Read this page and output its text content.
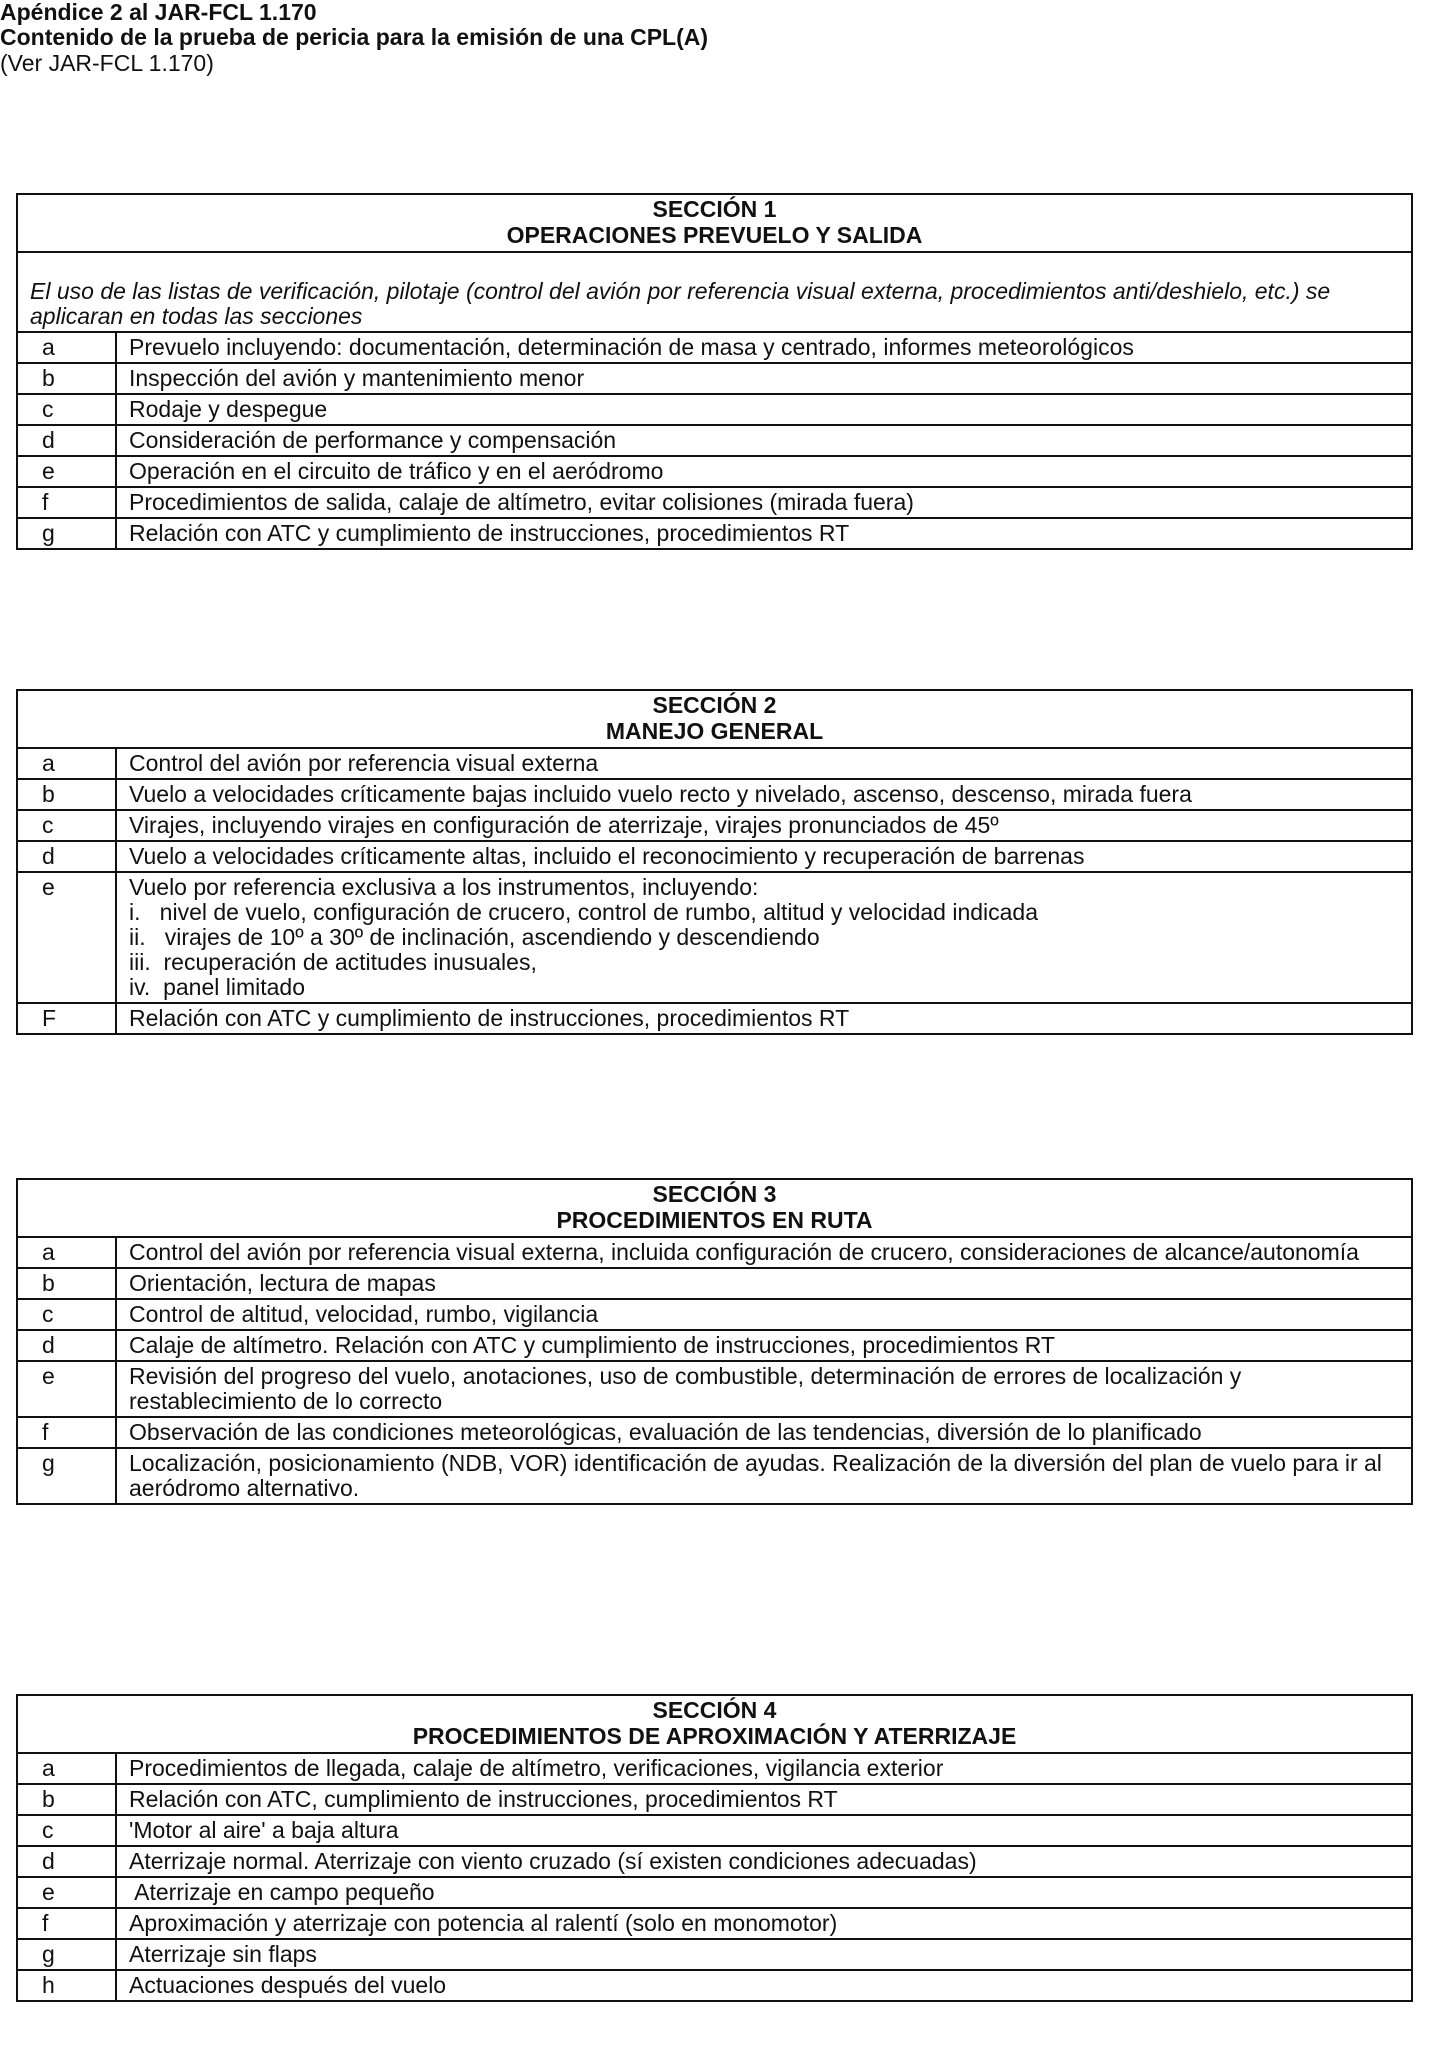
Apéndice 2 al JAR-FCL 1.170

Contenido de la prueba de pericia para la emisión de una CPL(A)

(Ver JAR-FCL 1.170)

SECCIÓN 1
OPERACIONES PREVUELO Y SALIDA
El uso de las listas de verificación, pilotaje (control del avión por referencia visual externa, procedimientos anti/deshielo, etc.) se aplicaran en todas las secciones
a	Prevuelo incluyendo: documentación, determinación de masa y centrado, informes meteorológicos
b	Inspección del avión y mantenimiento menor
c	Rodaje y despegue
d	Consideración de performance y compensación
e	Operación en el circuito de tráfico y en el aeródromo
f	Procedimientos de salida, calaje de altímetro, evitar colisiones (mirada fuera)
g	Relación con ATC y cumplimiento de instrucciones, procedimientos RT
SECCIÓN 2
MANEJO GENERAL
a	Control del avión por referencia visual externa
b	Vuelo a velocidades críticamente bajas incluido vuelo recto y nivelado, ascenso, descenso, mirada fuera
c	Virajes, incluyendo virajes en configuración de aterrizaje, virajes pronunciados de 45º
d	Vuelo a velocidades críticamente altas, incluido el reconocimiento y recuperación de barrenas
e	Vuelo por referencia exclusiva a los instrumentos, incluyendo:
i.   nivel de vuelo, configuración de crucero, control de rumbo, altitud y velocidad indicada
ii.   virajes de 10º a 30º de inclinación, ascendiendo y descendiendo
iii.  recuperación de actitudes inusuales,
iv.  panel limitado

F	Relación con ATC y cumplimiento de instrucciones, procedimientos RT
SECCIÓN 3
PROCEDIMIENTOS EN RUTA
a	Control del avión por referencia visual externa, incluida configuración de crucero, consideraciones de alcance/autonomía
b	Orientación, lectura de mapas
c	Control de altitud, velocidad, rumbo, vigilancia
d	Calaje de altímetro. Relación con ATC y cumplimiento de instrucciones, procedimientos RT
e	Revisión del progreso del vuelo, anotaciones, uso de combustible, determinación de errores de localización y restablecimiento de lo correcto
f	Observación de las condiciones meteorológicas, evaluación de las tendencias, diversión de lo planificado
g	Localización, posicionamiento (NDB, VOR) identificación de ayudas. Realización de la diversión del plan de vuelo para ir al aeródromo alternativo.
SECCIÓN 4
PROCEDIMIENTOS DE APROXIMACIÓN Y ATERRIZAJE
a	Procedimientos de llegada, calaje de altímetro, verificaciones, vigilancia exterior
b	Relación con ATC, cumplimiento de instrucciones, procedimientos RT
c	'Motor al aire' a baja altura
d	Aterrizaje normal. Aterrizaje con viento cruzado (sí existen condiciones adecuadas)
e	Aterrizaje en campo pequeño
f	Aproximación y aterrizaje con potencia al ralentí (solo en monomotor)
g	Aterrizaje sin flaps
h	Actuaciones después del vuelo
